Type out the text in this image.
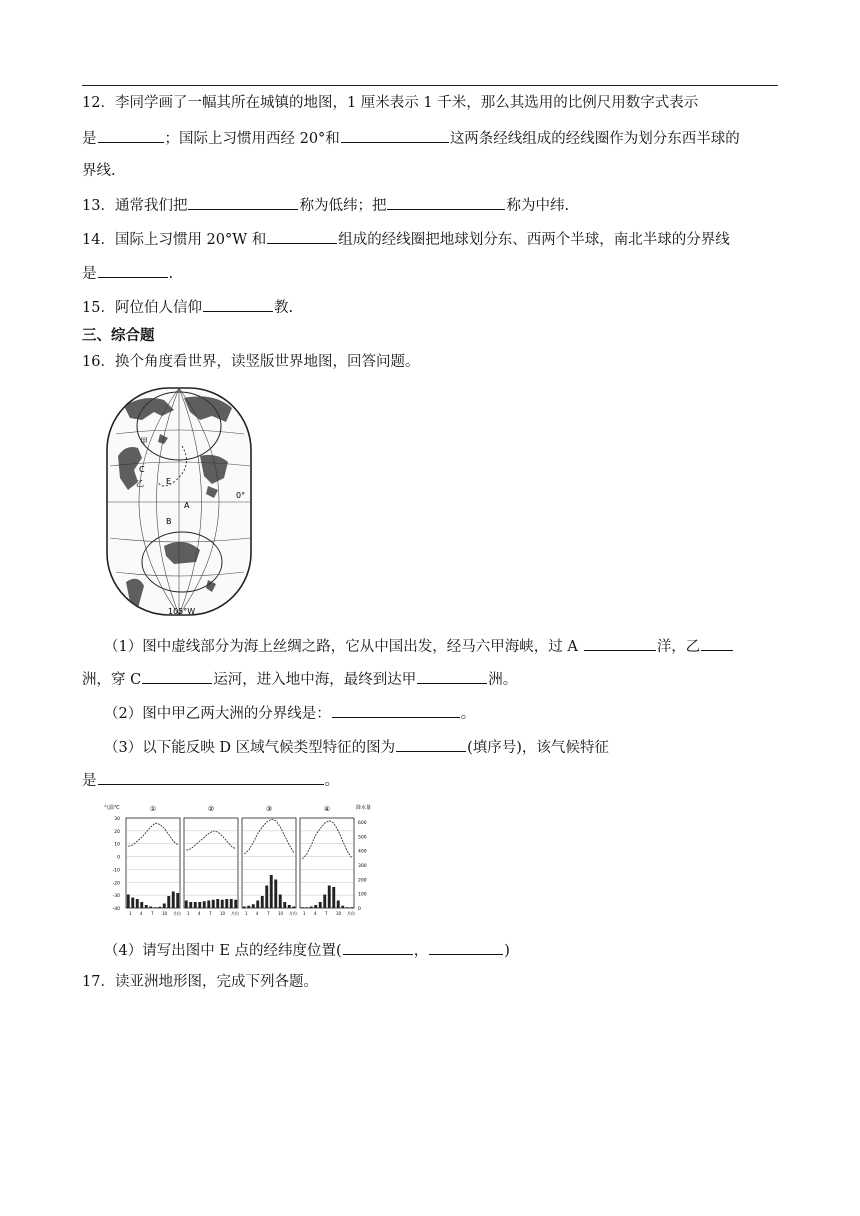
12．李同学画了一幅其所在城镇的地图，1 厘米表示 1 千米，那么其选用的比例尺用数字式表示
是	；国际上习惯用西经 20°和	这两条经线组成的经线圈作为划分东西半球的
界线.
13．通常我们把	称为低纬；把	称为中纬.
14．国际上习惯用 20°W 和	组成的经线圈把地球划分东、西两个半球，南北半球的分界线
是	.
15．阿位伯人信仰	教.
三、综合题
16．换个角度看世界，读竖版世界地图，回答问题。
甲
C
乙	E
A
B
0°
105°W
（1）图中虚线部分为海上丝绸之路，它从中国出发，经马六甲海峡，过 A	洋，乙
洲，穿 C	运河，进入地中海，最终到达甲	洲。
（2）图中甲乙两大洲的分界线是：	。
（3）以下能反映 D 区域气候类型特征的图为	(填序号)，该气候特征
是	。
气温℃
30
20
10
0
-10
-20
-30
-40
降水量
600
500
400
300
200
100
0
①
1 4 7 10 月份
②
1 4 7 10 月份
③
1 4 7 10 月份
④
1 4 7 10 月份
（4）请写出图中 E 点的经纬度位置(	，	)
17．读亚洲地形图，完成下列各题。
